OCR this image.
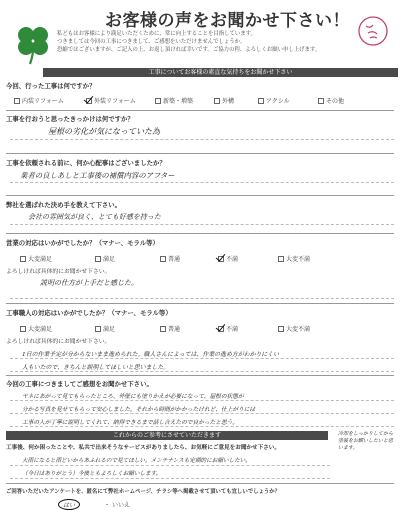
お客様の声をお聞かせ下さい！
私どもはお客様により満足いただくために、常に向上することを目指しています。
つきましては今回の工事につきまして、ご感想をいただけませんでしょうか。
恐縮ではございますが、ご記入の上、お返し頂ければ幸いです。ご協力の程、よろしくお願い申し上げます。
工事についてお客様の素直な気持ちをお聞かせ下さい
今回、行った工事は何ですか？
内装リフォーム	外装リフォーム	新築・増築	外構	アクシル	その他
工事を行おうと思ったきっかけは何ですか？
屋根の劣化が気になっていた為
工事を依頼される前に、何か心配事はございましたか？
業者の良しあしと工事後の補償内容のアフター
弊社を選ばれた決め手を教えて下さい。
会社の雰囲気が良く、とても好感を持った
営業の対応はいかがでしたか？（マナー、モラル等）
大変満足	満足	普通	不満	大変不満
よろしければ具体的にお聞かせ下さい。
説明の仕方が上手だと感じた。
工事職人の対応はいかがでしたか？（マナー、モラル等）
大変満足	満足	普通	不満	大変不満
よろしければ具体的にお聞かせ下さい。
1日の作業予定が分からないまま進められた。職人さんによっては、作業の進め方がわかりにくい
人もいたので、きちんと説明してほしいと思いました。
今回の工事につきましてご感想をお聞かせ下さい。
ヤネにあがって見てもらったところ、外壁にも塗りかえが必要になって、屋根の状態が
分かる写真を見せてもらって安心しました。それから時間がかかったけれど、仕上がりには
工事の人が丁寧に説明してくれて、納得できるまで話し合えたので良かったと思う。
冷却をしっかりしてから塗装をお願いしたいと思います。
これからのご参考にさせていただきます
工事後、何か困ったことや、私共で出来そうなサービスがありましたら、お気軽にご意見をお聞かせ下さい。
大雨になると雨どいからあふれるので見てほしい。メンテナンスも定期的にお願いしたい。
（今日はありがとう）今後ともよろしくお願いします。
ご回答いただいたアンケートを、匿名にて弊社ホームページ、チラシ等へ掲載させて頂いても宜しいでしょうか？
はい	・ いいえ
